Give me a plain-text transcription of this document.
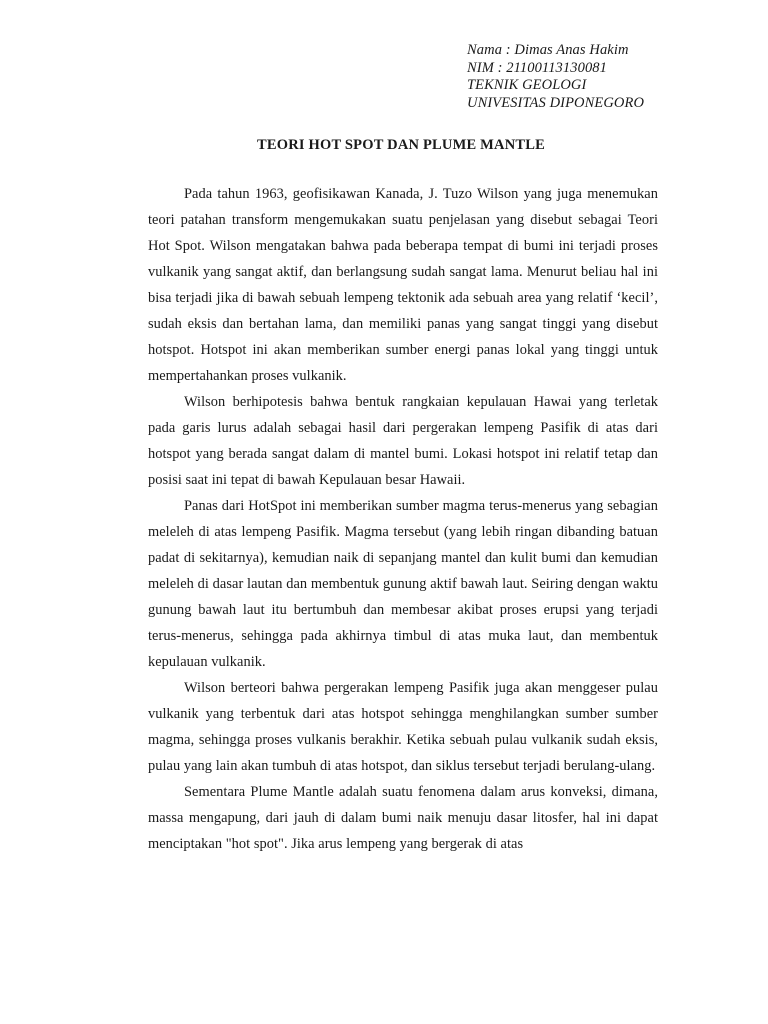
Nama : Dimas Anas Hakim
NIM : 21100113130081
TEKNIK GEOLOGI
UNIVESITAS DIPONEGORO
TEORI HOT SPOT DAN PLUME MANTLE

Pada tahun 1963, geofisikawan Kanada, J. Tuzo Wilson yang juga menemukan teori patahan transform mengemukakan suatu penjelasan yang disebut sebagai Teori Hot Spot. Wilson mengatakan bahwa pada beberapa tempat di bumi ini terjadi proses vulkanik yang sangat aktif, dan berlangsung sudah sangat lama. Menurut beliau hal ini bisa terjadi jika di bawah sebuah lempeng tektonik ada sebuah area yang relatif ‘kecil’, sudah eksis dan bertahan lama, dan memiliki panas yang sangat tinggi yang disebut hotspot. Hotspot ini akan memberikan sumber energi panas lokal yang tinggi untuk mempertahankan proses vulkanik.

Wilson berhipotesis bahwa bentuk rangkaian kepulauan Hawai yang terletak pada garis lurus adalah sebagai hasil dari pergerakan lempeng Pasifik di atas dari hotspot yang berada sangat dalam di mantel bumi. Lokasi hotspot ini relatif tetap dan posisi saat ini tepat di bawah Kepulauan besar Hawaii.

Panas dari HotSpot ini memberikan sumber magma terus-menerus yang sebagian meleleh di atas lempeng Pasifik. Magma tersebut (yang lebih ringan dibanding batuan padat di sekitarnya), kemudian naik di sepanjang mantel dan kulit bumi dan kemudian meleleh di dasar lautan dan membentuk gunung aktif bawah laut. Seiring dengan waktu gunung bawah laut itu bertumbuh dan membesar akibat proses erupsi yang terjadi terus-menerus, sehingga pada akhirnya timbul di atas muka laut, dan membentuk kepulauan vulkanik.

Wilson berteori bahwa pergerakan lempeng Pasifik juga akan menggeser pulau vulkanik yang terbentuk dari atas hotspot sehingga menghilangkan sumber sumber magma, sehingga proses vulkanis berakhir. Ketika sebuah pulau vulkanik sudah eksis, pulau yang lain akan tumbuh di atas hotspot, dan siklus tersebut terjadi berulang-ulang.

Sementara Plume Mantle adalah suatu fenomena dalam arus konveksi, dimana, massa mengapung, dari jauh di dalam bumi naik menuju dasar litosfer, hal ini dapat menciptakan "hot spot". Jika arus lempeng yang bergerak di atas
